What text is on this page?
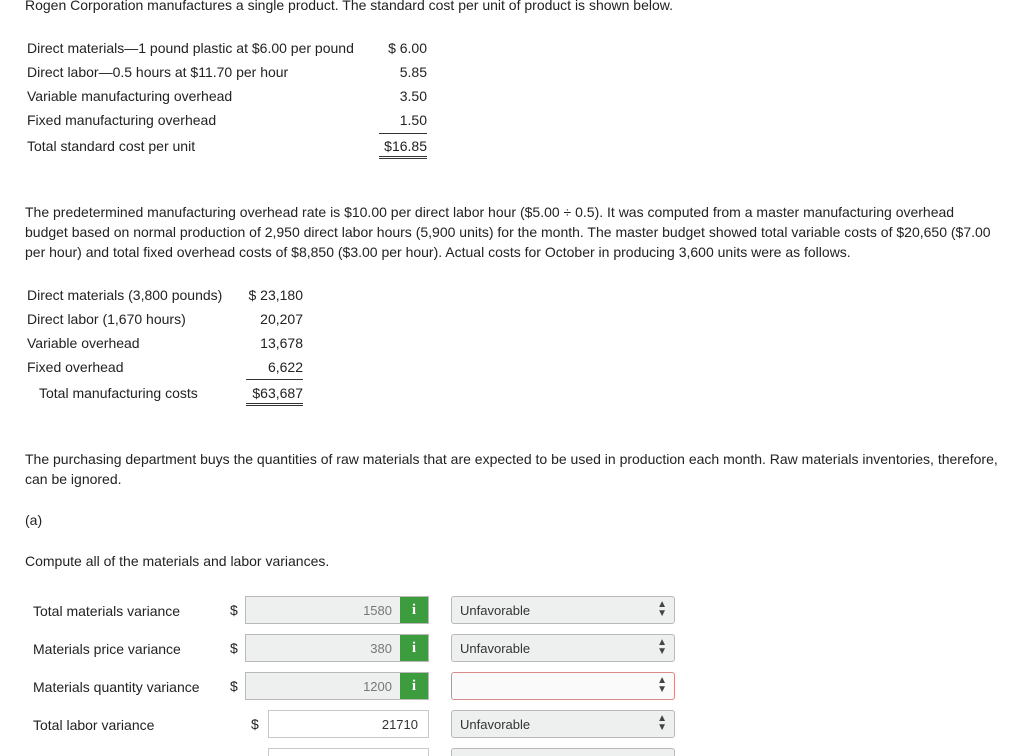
Rogen Corporation manufactures a single product. The standard cost per unit of product is shown below.
Direct materials—1 pound plastic at $6.00 per pound	$ 6.00
Direct labor—0.5 hours at $11.70 per hour	5.85
Variable manufacturing overhead	3.50
Fixed manufacturing overhead	1.50
Total standard cost per unit	$16.85
The predetermined manufacturing overhead rate is $10.00 per direct labor hour ($5.00 ÷ 0.5). It was computed from a master manufacturing overhead budget based on normal production of 2,950 direct labor hours (5,900 units) for the month. The master budget showed total variable costs of $20,650 ($7.00 per hour) and total fixed overhead costs of $8,850 ($3.00 per hour). Actual costs for October in producing 3,600 units were as follows.
Direct materials (3,800 pounds)	$ 23,180
Direct labor (1,670 hours)	20,207
Variable overhead	13,678
Fixed overhead	6,622
Total manufacturing costs	$63,687
The purchasing department buys the quantities of raw materials that are expected to be used in production each month. Raw materials inventories, therefore, can be ignored.
(a)
Compute all of the materials and labor variances.
Total materials variance	$	1580	i	Unfavorable	▲
▼
Materials price variance	$	380	i	Unfavorable	▲
▼
Materials quantity variance $	1200	i	▲
▼
Total labor variance	$	21710	Unfavorable	▲
▼
